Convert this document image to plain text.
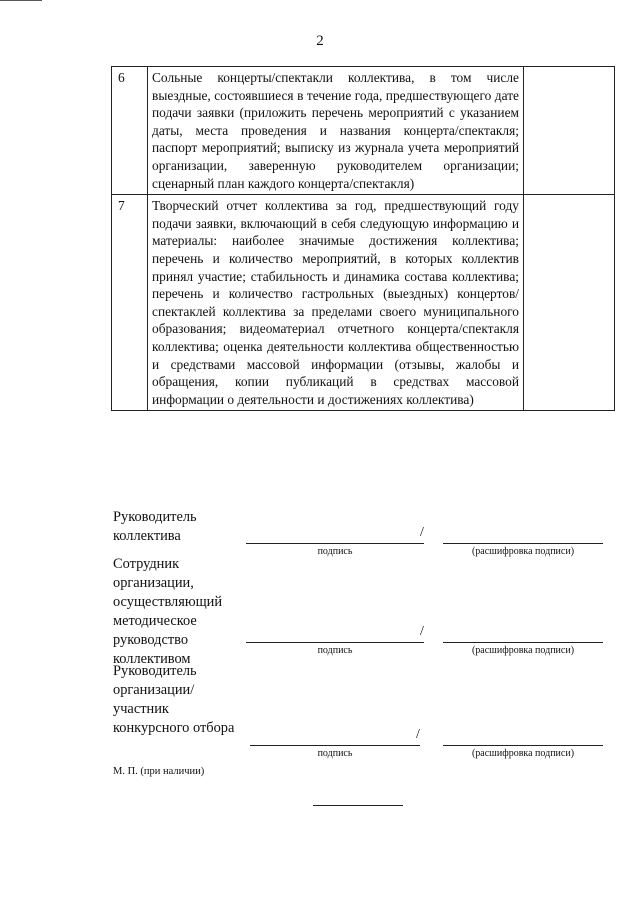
2
6	Сольные концерты/спектакли коллектива, в том числе выездные, состоявшиеся в течение года, предшествующего дате подачи заявки (приложить перечень мероприятий с указанием даты, места проведения и названия концерта/спектакля; паспорт мероприятий; выписку из журнала учета мероприятий организации, заверенную руководителем организации; сценарный план каждого концерта/спектакля)	
7	Творческий отчет коллектива за год, предшествующий году подачи заявки, включающий в себя следующую информацию и материалы: наиболее значимые достижения коллектива; перечень и количество мероприятий, в которых коллектив принял участие; стабильность и динамика состава коллектива; перечень и количество гастрольных (выездных) концертов/спектаклей коллектива за пределами своего муниципального образования; видеоматериал отчетного концерта/спектакля коллектива; оценка деятельности коллектива общественностью и средствами массовой информации (отзывы, жалобы и обращения, копии публикаций в средствах массовой информации о деятельности и достижениях коллектива)	
Руководитель коллектива	/
подпись	(расшифровка подписи)
Сотрудник организации, осуществляющий методическое руководство коллективом
/
подпись	(расшифровка подписи)
Руководитель организации/ участник конкурсного отбора	/
подпись	(расшифровка подписи)
М. П. (при наличии)
